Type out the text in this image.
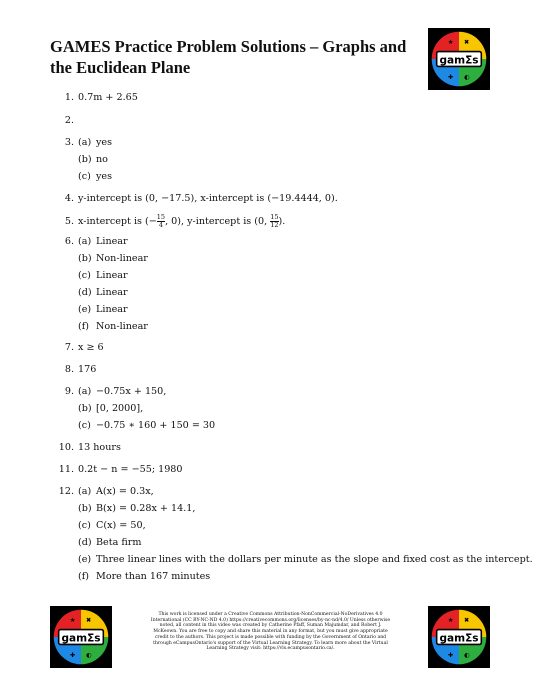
GAMES Practice Problem Solutions – Graphs and the Euclidean Plane
★ ✖
✚ ◐
gamΣs
★ ✖
✚ ◐
gamΣs
★ ✖
✚ ◐
gamΣs
1. 0.7m + 2.65
2.
3. (a) yes
(b) no
(c) yes
4. y-intercept is (0, −17.5), x-intercept is (−19.4444, 0).
5. x-intercept is (− $\frac{15}{4}$ , 0), y-intercept is (0, $\frac{15}{12}$ ).
6. (a) Linear
(b) Non-linear
(c) Linear
(d) Linear
(e) Linear
(f) Non-linear
7. x ≥ 6
8. 176
9. (a) −0.75x + 150,
(b) [0, 2000],
(c) −0.75 ∗ 160 + 150 = 30
10. 13 hours
11. 0.2t − n = −55; 1980
12. (a) A(x) = 0.3x,
(b) B(x) = 0.28x + 14.1,
(c) C(x) = 50,
(d) Beta firm
(e) Three linear lines with the dollars per minute as the slope and fixed cost as the intercept.
(f) More than 167 minutes
This work is licensed under a Creative Commons Attribution-NonCommercial-NoDerivatives 4.0 International (CC BY-NC-ND 4.0) https://creativecommons.org/licenses/by-nc-nd/4.0/ Unless otherwise noted, all content in this video was created by Catherine Pfaff, Suman Majumdar, and Robert J. McKeown. You are free to copy and share this material in any format, but you must give appropriate credit to the authors. This project is made possible with funding by the Government of Ontario and through eCampusOntario's support of the Virtual Learning Strategy. To learn more about the Virtual Learning Strategy visit: https://vls.ecampusontario.ca/.
